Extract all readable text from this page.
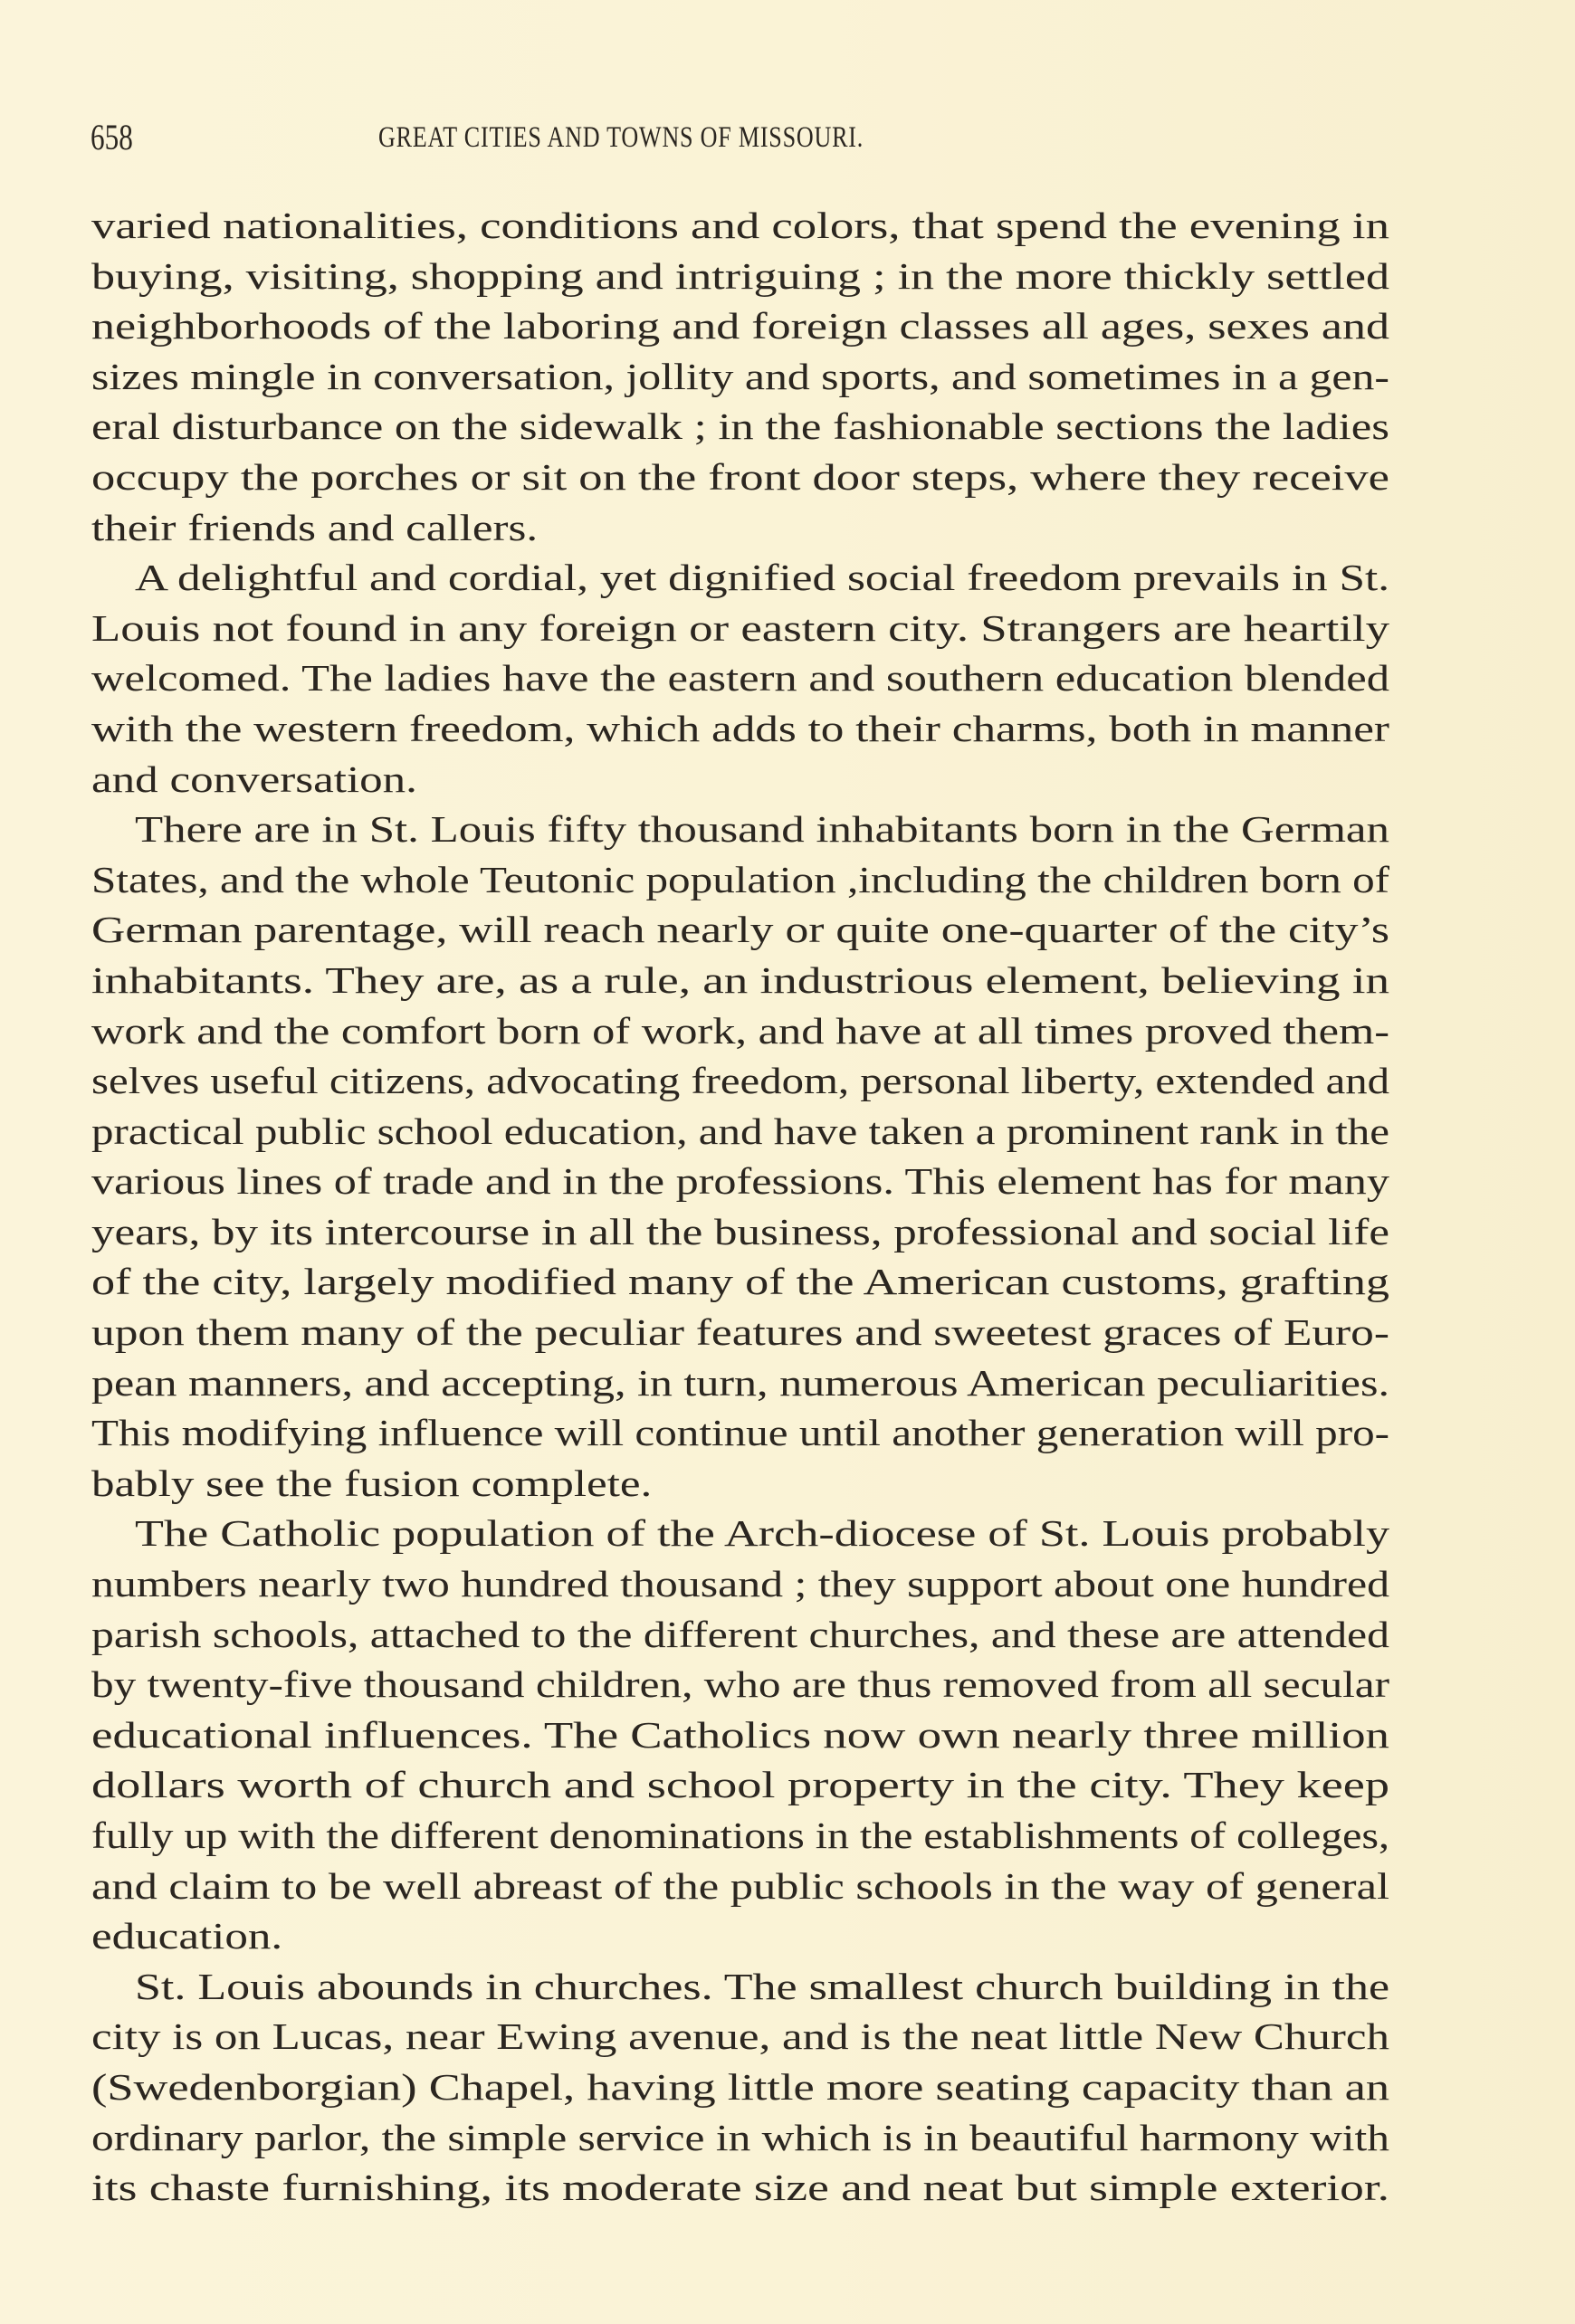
658	GREAT CITIES AND TOWNS OF MISSOURI.
varied nationalities, conditions and colors, that spend the evening in
buying, visiting, shopping and intriguing ; in the more thickly settled
neighborhoods of the laboring and foreign classes all ages, sexes and
sizes mingle in conversation, jollity and sports, and sometimes in a gen-
eral disturbance on the sidewalk ; in the fashionable sections the ladies
occupy the porches or sit on the front door steps, where they receive
their friends and callers.
A delightful and cordial, yet dignified social freedom prevails in St.
Louis not found in any foreign or eastern city. Strangers are heartily
welcomed. The ladies have the eastern and southern education blended
with the western freedom, which adds to their charms, both in manner
and conversation.
There are in St. Louis fifty thousand inhabitants born in the German
States, and the whole Teutonic population ,including the children born of
German parentage, will reach nearly or quite one-quarter of the city’s
inhabitants. They are, as a rule, an industrious element, believing in
work and the comfort born of work, and have at all times proved them-
selves useful citizens, advocating freedom, personal liberty, extended and
practical public school education, and have taken a prominent rank in the
various lines of trade and in the professions. This element has for many
years, by its intercourse in all the business, professional and social life
of the city, largely modified many of the American customs, grafting
upon them many of the peculiar features and sweetest graces of Euro-
pean manners, and accepting, in turn, numerous American peculiarities.
This modifying influence will continue until another generation will pro-
bably see the fusion complete.
The Catholic population of the Arch-diocese of St. Louis probably
numbers nearly two hundred thousand ; they support about one hundred
parish schools, attached to the different churches, and these are attended
by twenty-five thousand children, who are thus removed from all secular
educational influences. The Catholics now own nearly three million
dollars worth of church and school property in the city. They keep
fully up with the different denominations in the establishments of colleges,
and claim to be well abreast of the public schools in the way of general
education.
St. Louis abounds in churches. The smallest church building in the
city is on Lucas, near Ewing avenue, and is the neat little New Church
(Swedenborgian) Chapel, having little more seating capacity than an
ordinary parlor, the simple service in which is in beautiful harmony with
its chaste furnishing, its moderate size and neat but simple exterior.
